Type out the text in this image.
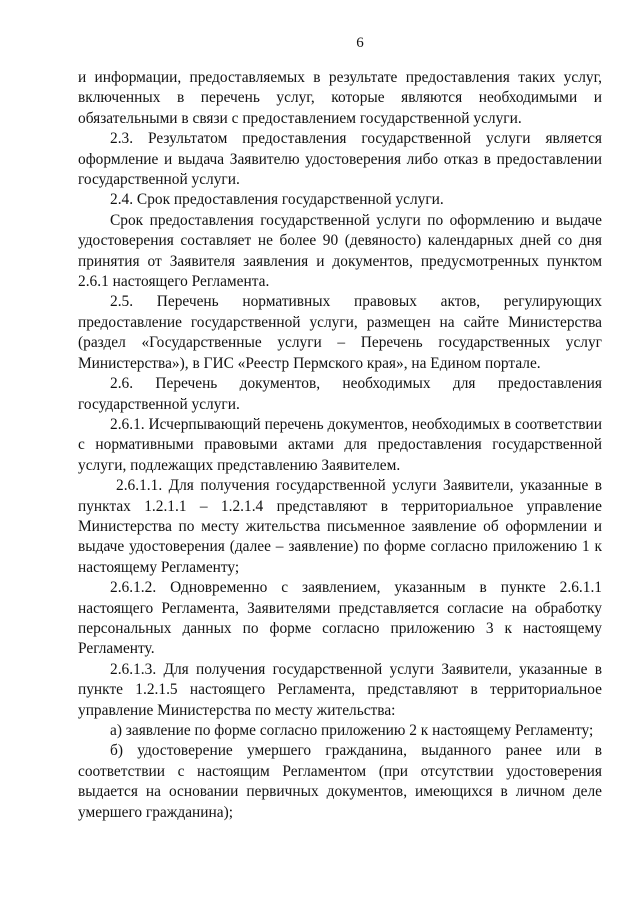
6

и информации, предоставляемых в результате предоставления таких услуг, включенных в перечень услуг, которые являются необходимыми и обязательными в связи с предоставлением государственной услуги.

2.3. Результатом предоставления государственной услуги является оформление и выдача Заявителю удостоверения либо отказ в предоставлении государственной услуги.

2.4. Срок предоставления государственной услуги.

Срок предоставления государственной услуги по оформлению и выдаче удостоверения составляет не более 90 (девяносто) календарных дней со дня принятия от Заявителя заявления и документов, предусмотренных пунктом 2.6.1 настоящего Регламента.

2.5. Перечень нормативных правовых актов, регулирующих предоставление государственной услуги, размещен на сайте Министерства (раздел «Государственные услуги – Перечень государственных услуг Министерства»), в ГИС «Реестр Пермского края», на Едином портале.

2.6. Перечень документов, необходимых для предоставления государственной услуги.

2.6.1. Исчерпывающий перечень документов, необходимых в соответствии с нормативными правовыми актами для предоставления государственной услуги, подлежащих представлению Заявителем.

2.6.1.1. Для получения государственной услуги Заявители, указанные в пунктах 1.2.1.1 – 1.2.1.4 представляют в территориальное управление Министерства по месту жительства письменное заявление об оформлении и выдаче удостоверения (далее – заявление) по форме согласно приложению 1 к настоящему Регламенту;

2.6.1.2. Одновременно с заявлением, указанным в пункте 2.6.1.1 настоящего Регламента, Заявителями представляется согласие на обработку персональных данных по форме согласно приложению 3 к настоящему Регламенту.

2.6.1.3. Для получения государственной услуги Заявители, указанные в пункте 1.2.1.5 настоящего Регламента, представляют в территориальное управление Министерства по месту жительства:

а) заявление по форме согласно приложению 2 к настоящему Регламенту;

б) удостоверение умершего гражданина, выданного ранее или в соответствии с настоящим Регламентом (при отсутствии удостоверения выдается на основании первичных документов, имеющихся в личном деле умершего гражданина);
